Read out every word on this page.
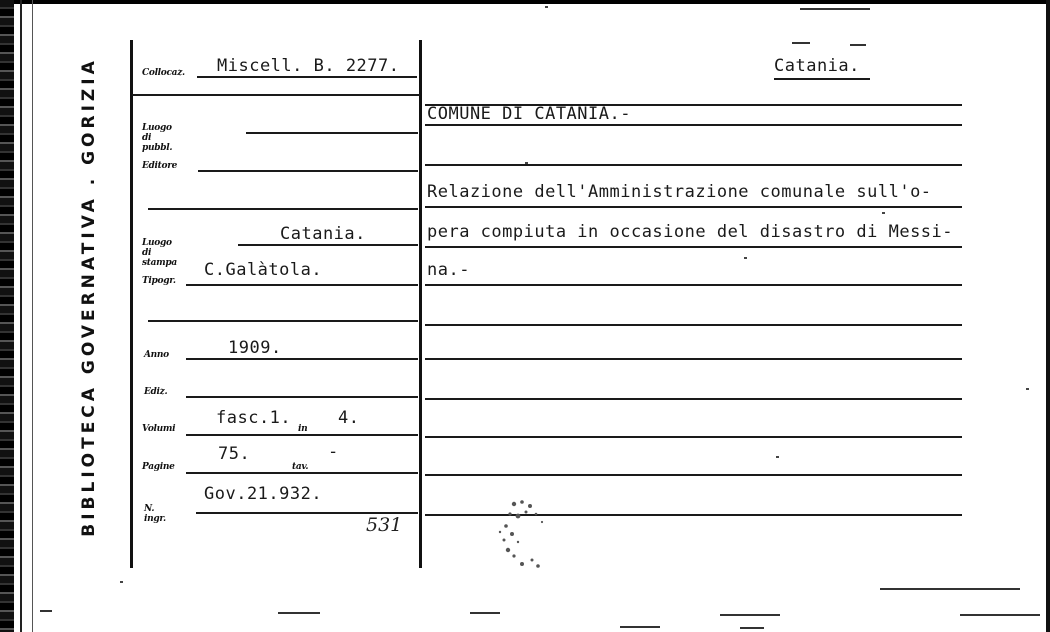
BIBLIOTECA GOVERNATIVA . GORIZIA	Collocaz. Miscell. B. 2277.
Luogo di pubbl.
Editore
Luogo di stampa
Catania.
Tipogr.
C.Galàtola.
Anno	1909.
Ediz.
Volumi
fasc.1.
in
4.
Pagine
75.
tav.
-
N. ingr.
Gov.21.932.
531
Catania.
COMUNE DI CATANIA.-
Relazione dell'Amministrazione comunale sull'o-
pera compiuta in occasione del disastro di Messi-
na.-
